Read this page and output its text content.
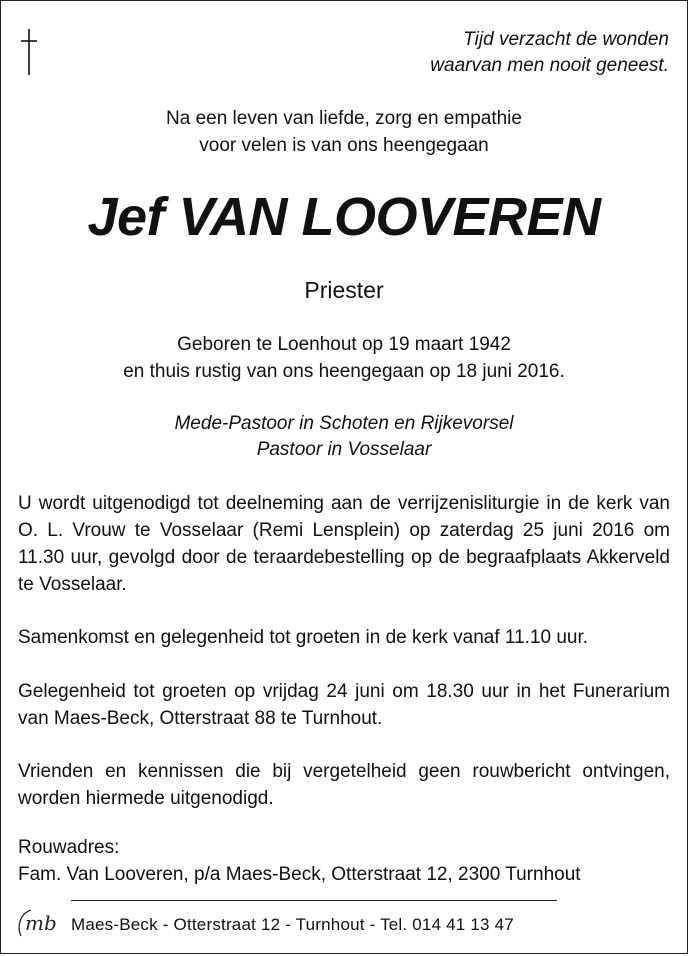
Tijd verzacht de wonden
waarvan men nooit geneest.
Na een leven van liefde, zorg en empathie
voor velen is van ons heengegaan
Jef VAN LOOVEREN
Priester
Geboren te Loenhout op 19 maart 1942
en thuis rustig van ons heengegaan op 18 juni 2016.
Mede-Pastoor in Schoten en Rijkevorsel
Pastoor in Vosselaar
U wordt uitgenodigd tot deelneming aan de verrijzenisliturgie in de kerk van O. L. Vrouw te Vosselaar (Remi Lensplein) op zaterdag 25 juni 2016 om 11.30 uur, gevolgd door de teraardebestelling op de begraafplaats Akkerveld te Vosselaar.
Samenkomst en gelegenheid tot groeten in de kerk vanaf 11.10 uur.
Gelegenheid tot groeten op vrijdag 24 juni om 18.30 uur in het Funerarium van Maes-Beck, Otterstraat 88 te Turnhout.
Vrienden en kennissen die bij vergetelheid geen rouwbericht ontvingen, worden hiermede uitgenodigd.
Rouwadres:
Fam. Van Looveren, p/a Maes-Beck, Otterstraat 12, 2300 Turnhout
mb Maes-Beck - Otterstraat 12 - Turnhout - Tel. 014 41 13 47
